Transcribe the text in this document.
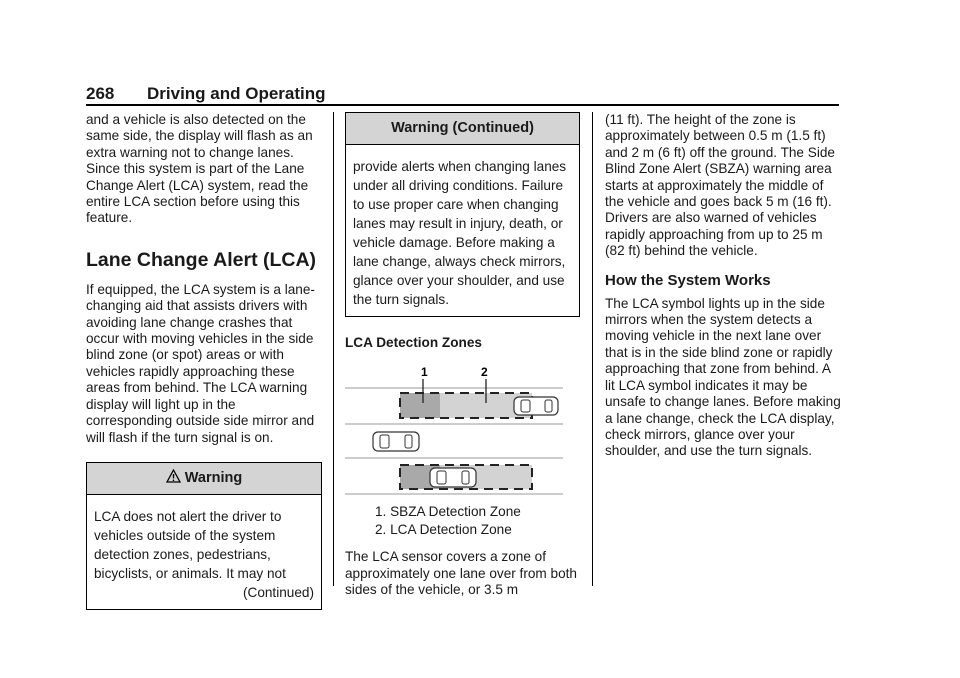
268 Driving and Operating

and a vehicle is also detected on the same side, the display will flash as an extra warning not to change lanes. Since this system is part of the Lane Change Alert (LCA) system, read the entire LCA section before using this feature.

Lane Change Alert (LCA)

If equipped, the LCA system is a lane-changing aid that assists drivers with avoiding lane change crashes that occur with moving vehicles in the side blind zone (or spot) areas or with vehicles rapidly approaching these areas from behind. The LCA warning display will light up in the corresponding outside side mirror and will flash if the turn signal is on.

Warning
LCA does not alert the driver to vehicles outside of the system detection zones, pedestrians, bicyclists, or animals. It may not
(Continued)
Warning (Continued)
provide alerts when changing lanes under all driving conditions. Failure to use proper care when changing lanes may result in injury, death, or vehicle damage. Before making a lane change, always check mirrors, glance over your shoulder, and use the turn signals.

LCA Detection Zones

1	2
1. SBZA Detection Zone
2. LCA Detection Zone

The LCA sensor covers a zone of approximately one lane over from both sides of the vehicle, or 3.5 m

(11 ft). The height of the zone is approximately between 0.5 m (1.5 ft) and 2 m (6 ft) off the ground. The Side Blind Zone Alert (SBZA) warning area starts at approximately the middle of the vehicle and goes back 5 m (16 ft). Drivers are also warned of vehicles rapidly approaching from up to 25 m (82 ft) behind the vehicle.

How the System Works

The LCA symbol lights up in the side mirrors when the system detects a moving vehicle in the next lane over that is in the side blind zone or rapidly approaching that zone from behind. A lit LCA symbol indicates it may be unsafe to change lanes. Before making a lane change, check the LCA display, check mirrors, glance over your shoulder, and use the turn signals.
